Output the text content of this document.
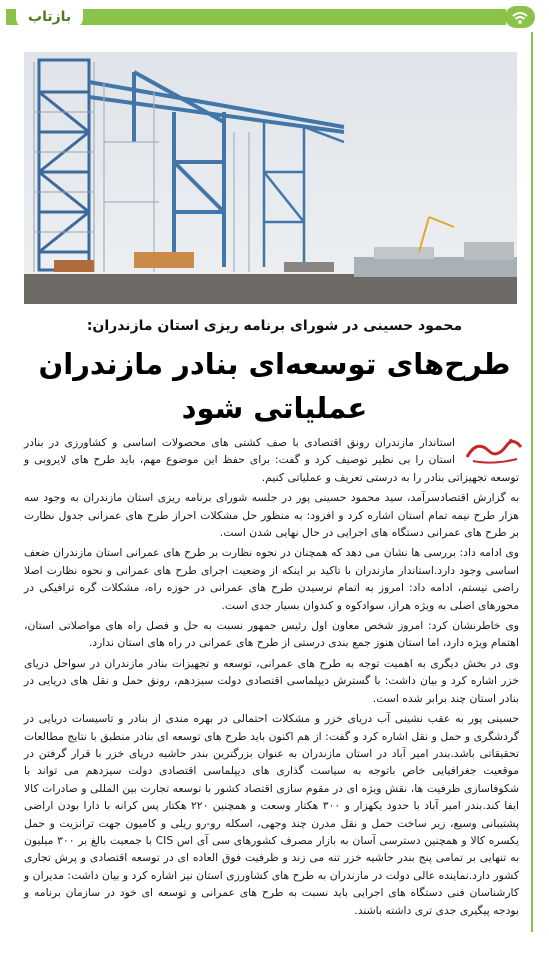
بازتاب
محمود حسینی در شورای برنامه ریزی استان مازندران:
طرح‌های توسعه‌ای بنادر مازندران
عملیاتی شود

استاندار مازندران رونق اقتصادی با صف کشتی های محصولات اساسی و کشاورزی در بنادر استان را بی نظیر توصیف کرد و گفت: برای حفظ این موضوع مهم، باید طرح های لایروبی و توسعه تجهیزاتی بنادر را به درستی تعریف و عملیاتی کنیم.

به گزارش اقتصادسرآمد، سید محمود حسینی پور در جلسه شورای برنامه ریزی استان مازندران به وجود سه هزار طرح نیمه تمام استان اشاره کرد و افزود: به منظور حل مشکلات احراز طرح های عمرانی جدول نظارت بر طرح های عمرانی دستگاه های اجرایی در حال نهایی شدن است.

وی ادامه داد: بررسی ها نشان می دهد که همچنان در نحوه نظارت بر طرح های عمرانی استان مازندران ضعف اساسی وجود دارد.استاندار مازندران با تاکید بر اینکه از وضعیت اجرای طرح های عمرانی و نحوه نظارت اصلا راضی نیستم، ادامه داد: امروز به اتمام نرسیدن طرح های عمرانی در حوزه راه، مشکلات گره ترافیکی در محورهای اصلی به ویژه هراز، سوادکوه و کندوان بسیار جدی است.

وی خاطرنشان کرد: امروز شخص معاون اول رئیس جمهور نسبت به حل و فصل راه های مواصلاتی استان، اهتمام ویژه دارد، اما استان هنوز جمع بندی درستی از طرح های عمرانی در راه های استان ندارد.

وی در بخش دیگری به اهمیت توجه به طرح های عمرانی، توسعه و تجهیزات بنادر مازندران در سواحل دریای خزر اشاره کرد و بیان داشت: با گسترش دیپلماسی اقتصادی دولت سیزدهم، رونق حمل و نقل های دریایی در بنادر استان چند برابر شده است.

حسینی پور به عقب نشینی آب دریای خزر و مشکلات احتمالی در بهره مندی از بنادر و تاسیسات دریایی در گردشگری و حمل و نقل اشاره کرد و گفت: از هم اکنون باید طرح های توسعه ای بنادر منطبق با نتایج مطالعات تحقیقاتی باشد.بندر امیر آباد در استان مازندران به عنوان بزرگترین بندر حاشیه دریای خزر با قرار گرفتن در موقعیت جغرافیایی خاص باتوجه به سیاست گذاری های دیپلماسی اقتصادی دولت سیزدهم می تواند با شکوفاسازی ظرفیت ها، نقش ویژه ای در مقوم سازی اقتصاد کشور با توسعه تجارت بین المللی و صادرات کالا ایفا کند.بندر امیر آباد با حدود یکهزار و ۳۰۰ هکتار وسعت و همچنین ۲۲۰ هکتار پس کرانه با دارا بودن اراضی پشتیبانی وسیع، زیر ساخت حمل و نقل مدرن چند وجهی، اسکله رو-رو ریلی و کامیون جهت ترانزیت و حمل یکسره کالا و همچنین دسترسی آسان به بازار مصرف کشورهای سی آی اس CIS با جمعیت بالغ بر ۳۰۰ میلیون به تنهایی بر تمامی پنج بندر حاشیه خزر تنه می زند و ظرفیت فوق العاده ای در توسعه اقتصادی و پرش تجاری کشور دارد.نماینده عالی دولت در مازندران به طرح های کشاورزی استان نیز اشاره کرد و بیان داشت: مدیران و کارشناسان فنی دستگاه های اجرایی باید نسبت به طرح های عمرانی و توسعه ای خود در سازمان برنامه و بودجه پیگیری جدی تری داشته باشند.
